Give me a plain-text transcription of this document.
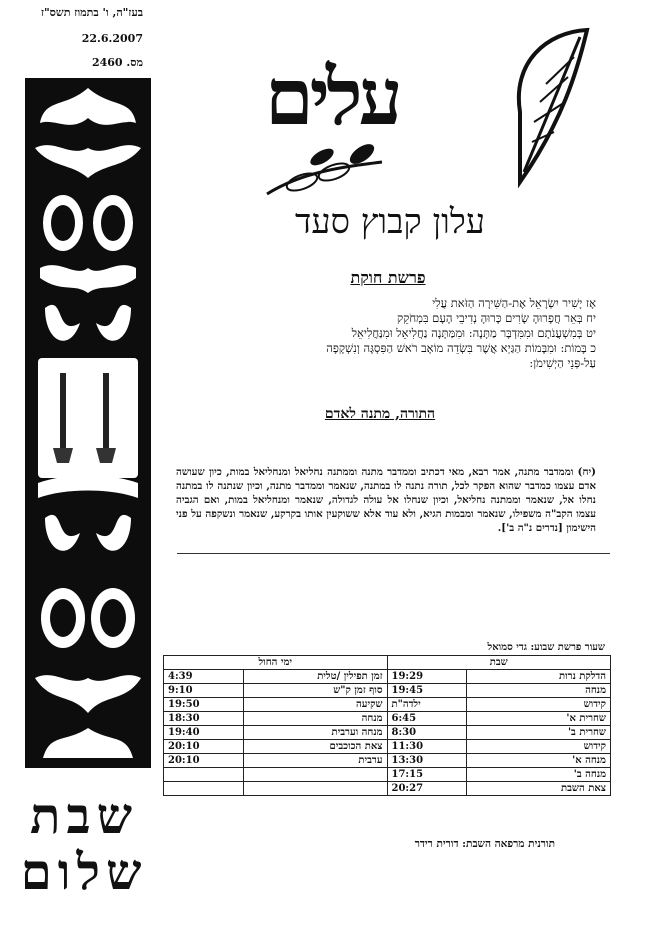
בעז"ה, ו' בתמוז תשס"ז
22.6.2007
מס. 2460 עלים
עלון קבוץ סעד
פרשת חוקת
אָז יָשִׁיר יִשְׂרָאֵל אֶת-הַשִּׁירָה הַזֹּאת עֲלִי
יח בְּאֵר חֲפָרוּהָ שָׂרִים כָּרוּהָ נְדִיבֵי הָעָם בִּמְחֹקֵק
יט בְּמִשְׁעֲנֹתָם וּמִמִּדְבָּר מַתָּנָה: וּמִמַּתָּנָה נַחֲלִיאֵל וּמִנַּחֲלִיאֵל
כ בָּמוֹת: וּמִבָּמוֹת הַגַּיְא אֲשֶׁר בִּשְׂדֵה מוֹאָב רֹאשׁ הַפִּסְגָּה וְנִשְׁקָפָה
עַל-פְּנֵי הַיְשִׁימֹן:
התורה, מתנה לאדם
(יח) וממדבר מתנה, אמר רבא, מאי דכתיב וממדבר מתנה וממתנה נחליאל ומנחליאל במות, כיון שעושה אדם עצמו כמדבר שהוא הפקר לכל, תורה נתנה לו במתנה, שנאמר וממדבר מתנה, וכיון שנתנה לו במתנה נחלו אל, שנאמר וממתנה נחליאל, וכיון שנחלו אל עולה לגדולה, שנאמר ומנחליאל במות, ואם הגביה עצמו הקב"ה משפילו, שנאמר ומבמות הגיא, ולא עוד אלא ששוקעין אותו בקרקע, שנאמר ונשקפה על פני הישימון [נדרים נ"ה ב'].
שעור פרשת שבוע: גדי סמואל
שבת		ימי החול	
הדלקת נרות	19:29	זמן תפילין /טלית	4:39
מנחה	19:45	סוף זמן ק"ש	9:10
קידוש	ילדה"ת	שקיעה	19:50
שחרית א'	6:45	מנחה	18:30
שחרית ב'	8:30	מנחה וערבית	19:40
קידוש	11:30	צאת הכוכבים	20:10
מנחה א'	13:30	ערבית	20:10
מנחה ב'	17:15		
צאת השבת	20:27		
תורנית מרפאה השבת: דורית רידר
שבת
שלום
